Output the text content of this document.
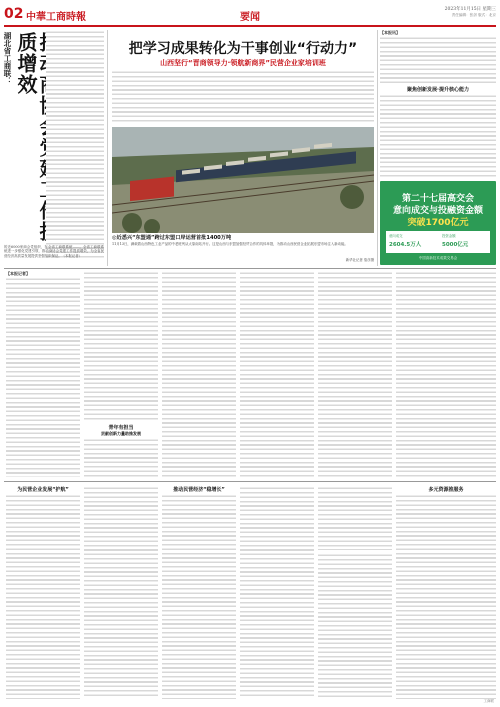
02 中華工商時報	要闻
2023年11月15日 星期三
责任编辑：张剑 版式：北京
湖北省工商联： 质增效
的近6000家商会党组织，在全省工商联系统……。全省工商联系统进一步强化党建引领，推动商协会党建工作提质增效，为全省民营经济高质量发展提供坚强组织保证。（本报记者）
把学习成果转化为干事创业“行动力”
山西坚行“晋商领导力·领航新商界”民营企业家培训班
◎近悉兴“东盟通”跨过东盟口岸运营首批1400万吨
11月13日，满载着山西特色工业产品的中老班列从太原南站开行。这是山西与东盟加强经贸合作的具体举措，为推动山西民营企业拓展东盟市场注入新动能。
新华社记者 詹彦摄
【本报讯】
聚焦创新发展·提升核心能力
第二十七届高交会
意向成交与投融资金额
突破1700亿元
意向成交
2604.5万人
投资金额
5000亿元
中国高新技术成果交易会
【本报记者】
青年有担当
贡献创新力量助推发展
为民营企业发展“护航”	推动民营经济“稳增长”	多元资源推服务
工商联
